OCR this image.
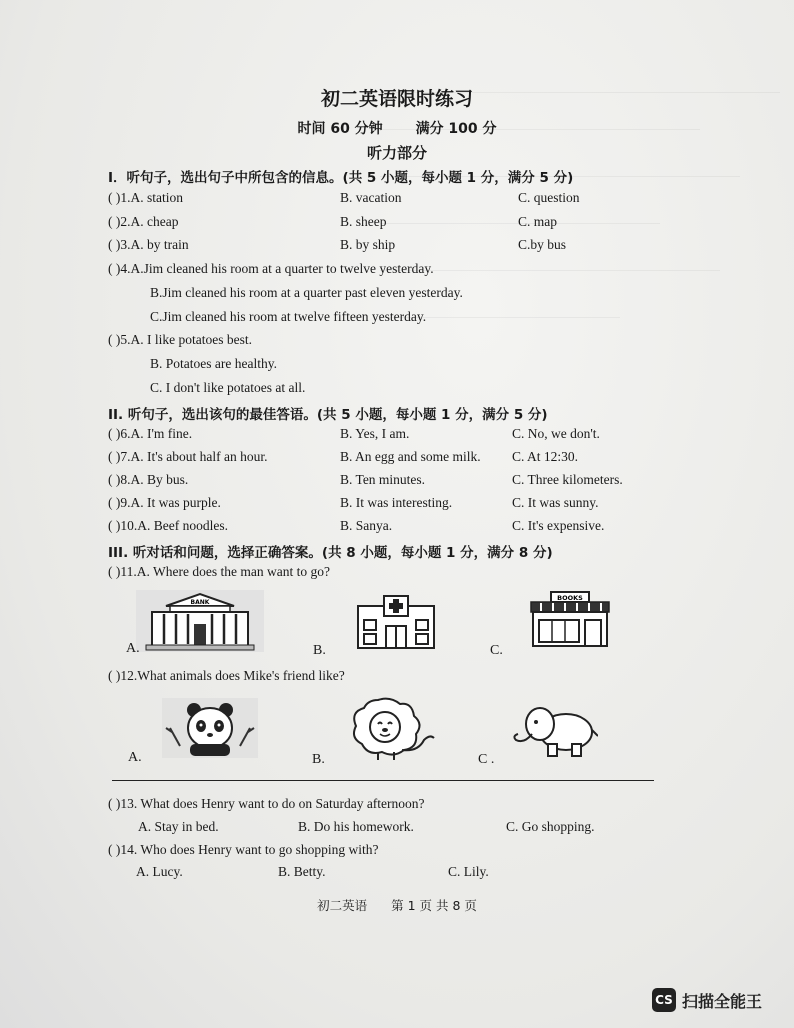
初二英语限时练习
时间 60 分钟 满分 100 分
听力部分
I．听句子，选出句子中所包含的信息。(共 5 小题，每小题 1 分，满分 5 分)
( )1.A. station	B. vacation	C. question
( )2.A. cheap	B. sheep	C. map
( )3.A. by train	B. by ship	C.by bus
( )4.A.Jim cleaned his room at a quarter to twelve yesterday.
B.Jim cleaned his room at a quarter past eleven yesterday.
C.Jim cleaned his room at twelve fifteen yesterday.
( )5.A. I like potatoes best.
B. Potatoes are healthy.
C. I don't like potatoes at all.
II. 听句子，选出该句的最佳答语。(共 5 小题，每小题 1 分，满分 5 分)
( )6.A. I'm fine.	B. Yes, I am.	C. No, we don't.
( )7.A. It's about half an hour.	B. An egg and some milk. C. At 12:30.
( )8.A. By bus.	B. Ten minutes.	C. Three kilometers.
( )9.A. It was purple.	B. It was interesting.	C. It was sunny.
( )10.A. Beef noodles.	B. Sanya.	C. It's expensive.
III. 听对话和问题，选择正确答案。(共 8 小题，每小题 1 分，满分 8 分)
( )11.A. Where does the man want to go?
BANK
A.	B.
BOOKS
C.
( )12.What animals does Mike's friend like?
A.	B.	C .
( )13. What does Henry want to do on Saturday afternoon?
A. Stay in bed.	B. Do his homework.	C. Go shopping.
( )14. Who does Henry want to go shopping with?
A. Lucy.	B. Betty.	C. Lily.
初二英语 第 1 页 共 8 页
CS 扫描全能王
